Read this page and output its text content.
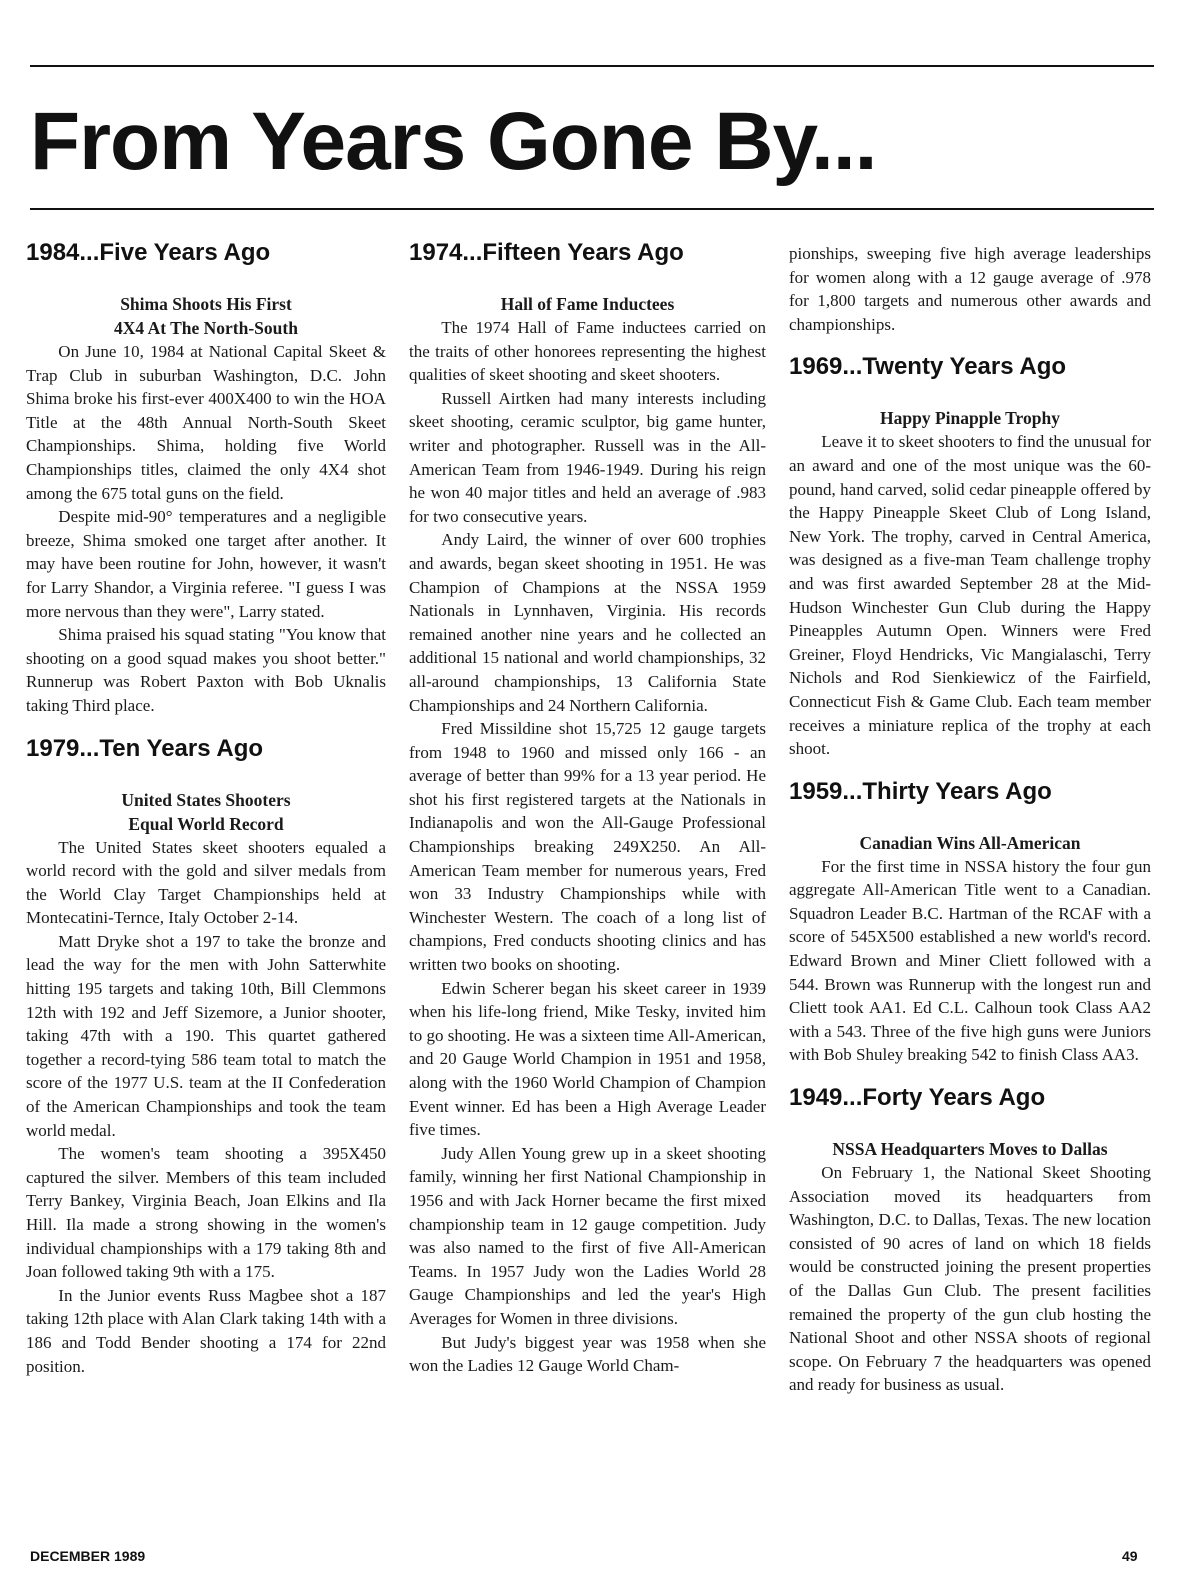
From Years Gone By...
1984...Five Years Ago
Shima Shoots His First
4X4 At The North-South

On June 10, 1984 at National Capital Skeet & Trap Club in suburban Washington, D.C. John Shima broke his first-ever 400X400 to win the HOA Title at the 48th Annual North-South Skeet Championships. Shima, holding five World Championships titles, claimed the only 4X4 shot among the 675 total guns on the field.

Despite mid-90° temperatures and a negligible breeze, Shima smoked one target after another. It may have been routine for John, however, it wasn't for Larry Shandor, a Virginia referee. "I guess I was more nervous than they were", Larry stated.

Shima praised his squad stating "You know that shooting on a good squad makes you shoot better." Runnerup was Robert Paxton with Bob Uknalis taking Third place.

1979...Ten Years Ago
United States Shooters
Equal World Record

The United States skeet shooters equaled a world record with the gold and silver medals from the World Clay Target Championships held at Montecatini-Ternce, Italy October 2-14.

Matt Dryke shot a 197 to take the bronze and lead the way for the men with John Satterwhite hitting 195 targets and taking 10th, Bill Clemmons 12th with 192 and Jeff Sizemore, a Junior shooter, taking 47th with a 190. This quartet gathered together a record-tying 586 team total to match the score of the 1977 U.S. team at the II Confederation of the American Championships and took the team world medal.

The women's team shooting a 395X450 captured the silver. Members of this team included Terry Bankey, Virginia Beach, Joan Elkins and Ila Hill. Ila made a strong showing in the women's individual championships with a 179 taking 8th and Joan followed taking 9th with a 175.

In the Junior events Russ Magbee shot a 187 taking 12th place with Alan Clark taking 14th with a 186 and Todd Bender shooting a 174 for 22nd position.

1974...Fifteen Years Ago
Hall of Fame Inductees

The 1974 Hall of Fame inductees carried on the traits of other honorees representing the highest qualities of skeet shooting and skeet shooters.

Russell Airtken had many interests including skeet shooting, ceramic sculptor, big game hunter, writer and photographer. Russell was in the All-American Team from 1946-1949. During his reign he won 40 major titles and held an average of .983 for two consecutive years.

Andy Laird, the winner of over 600 trophies and awards, began skeet shooting in 1951. He was Champion of Champions at the NSSA 1959 Nationals in Lynnhaven, Virginia. His records remained another nine years and he collected an additional 15 national and world championships, 32 all-around championships, 13 California State Championships and 24 Northern California.

Fred Missildine shot 15,725 12 gauge targets from 1948 to 1960 and missed only 166 - an average of better than 99% for a 13 year period. He shot his first registered targets at the Nationals in Indianapolis and won the All-Gauge Professional Championships breaking 249X250. An All-American Team member for numerous years, Fred won 33 Industry Championships while with Winchester Western. The coach of a long list of champions, Fred conducts shooting clinics and has written two books on shooting.

Edwin Scherer began his skeet career in 1939 when his life-long friend, Mike Tesky, invited him to go shooting. He was a sixteen time All-American, and 20 Gauge World Champion in 1951 and 1958, along with the 1960 World Champion of Champion Event winner. Ed has been a High Average Leader five times.

Judy Allen Young grew up in a skeet shooting family, winning her first National Championship in 1956 and with Jack Horner became the first mixed championship team in 12 gauge competition. Judy was also named to the first of five All-American Teams. In 1957 Judy won the Ladies World 28 Gauge Championships and led the year's High Averages for Women in three divisions.

But Judy's biggest year was 1958 when she won the Ladies 12 Gauge World Cham-

pionships, sweeping five high average leaderships for women along with a 12 gauge average of .978 for 1,800 targets and numerous other awards and championships.

1969...Twenty Years Ago
Happy Pinapple Trophy

Leave it to skeet shooters to find the unusual for an award and one of the most unique was the 60-pound, hand carved, solid cedar pineapple offered by the Happy Pineapple Skeet Club of Long Island, New York. The trophy, carved in Central America, was designed as a five-man Team challenge trophy and was first awarded September 28 at the Mid-Hudson Winchester Gun Club during the Happy Pineapples Autumn Open. Winners were Fred Greiner, Floyd Hendricks, Vic Mangialaschi, Terry Nichols and Rod Sienkiewicz of the Fairfield, Connecticut Fish & Game Club. Each team member receives a miniature replica of the trophy at each shoot.

1959...Thirty Years Ago
Canadian Wins All-American

For the first time in NSSA history the four gun aggregate All-American Title went to a Canadian. Squadron Leader B.C. Hartman of the RCAF with a score of 545X500 established a new world's record. Edward Brown and Miner Cliett followed with a 544. Brown was Runnerup with the longest run and Cliett took AA1. Ed C.L. Calhoun took Class AA2 with a 543. Three of the five high guns were Juniors with Bob Shuley breaking 542 to finish Class AA3.

1949...Forty Years Ago
NSSA Headquarters Moves to Dallas

On February 1, the National Skeet Shooting Association moved its headquarters from Washington, D.C. to Dallas, Texas. The new location consisted of 90 acres of land on which 18 fields would be constructed joining the present properties of the Dallas Gun Club. The present facilities remained the property of the gun club hosting the National Shoot and other NSSA shoots of regional scope. On February 7 the headquarters was opened and ready for business as usual.

DECEMBER 1989	49
